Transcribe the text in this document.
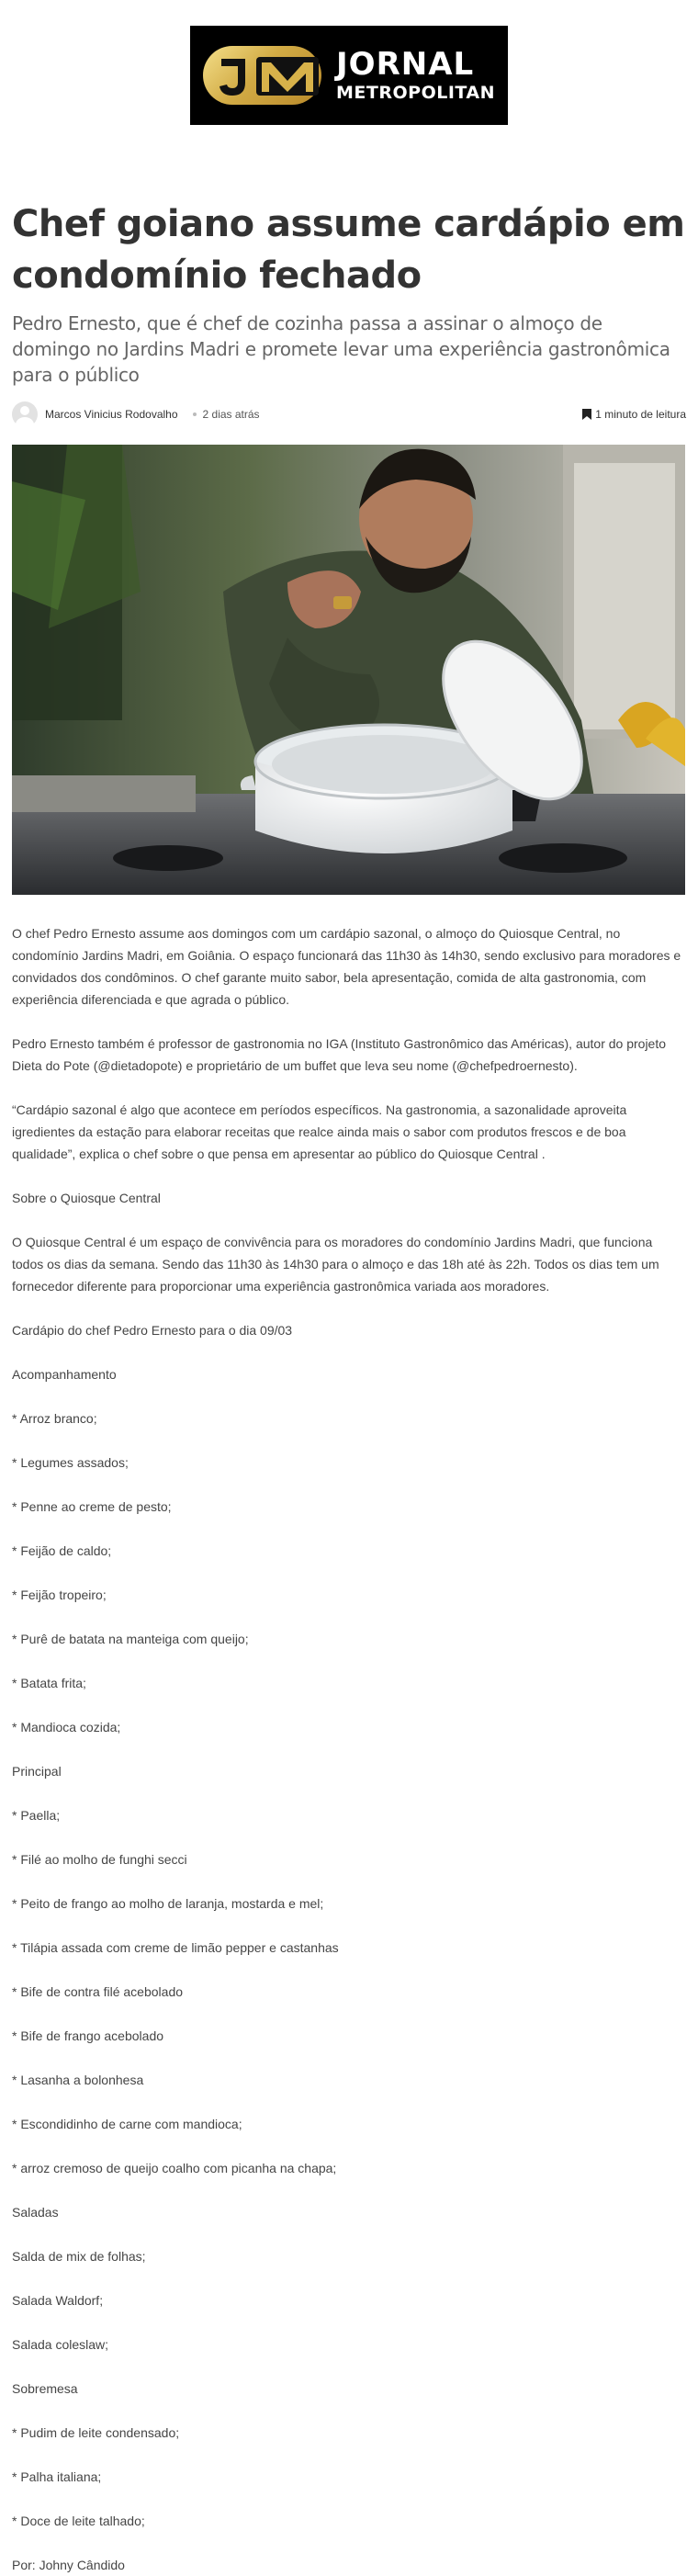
JORNAL
METROPOLITAN
Chef goiano assume cardápio em condomínio fechado
Pedro Ernesto, que é chef de cozinha passa a assinar o almoço de domingo no Jardins Madri e promete levar uma experiência gastronômica para o público
Marcos Vinicius Rodovalho 2 dias atrás	1 minuto de leitura

O chef Pedro Ernesto assume aos domingos com um cardápio sazonal, o almoço do Quiosque Central, no condomínio Jardins Madri, em Goiânia. O espaço funcionará das 11h30 às 14h30, sendo exclusivo para moradores e convidados dos condôminos. O chef garante muito sabor, bela apresentação, comida de alta gastronomia, com experiência diferenciada e que agrada o público.

Pedro Ernesto também é professor de gastronomia no IGA (Instituto Gastronômico das Américas), autor do projeto Dieta do Pote (@dietadopote) e proprietário de um buffet que leva seu nome (@chefpedroernesto).

“Cardápio sazonal é algo que acontece em períodos específicos. Na gastronomia, a sazonalidade aproveita igredientes da estação para elaborar receitas que realce ainda mais o sabor com produtos frescos e de boa qualidade”, explica o chef sobre o que pensa em apresentar ao público do Quiosque Central .

Sobre o Quiosque Central

O Quiosque Central é um espaço de convivência para os moradores do condomínio Jardins Madri, que funciona todos os dias da semana. Sendo das 11h30 às 14h30 para o almoço e das 18h até às 22h. Todos os dias tem um fornecedor diferente para proporcionar uma experiência gastronômica variada aos moradores.

Cardápio do chef Pedro Ernesto para o dia 09/03

Acompanhamento

* Arroz branco;

* Legumes assados;

* Penne ao creme de pesto;

* Feijão de caldo;

* Feijão tropeiro;

* Purê de batata na manteiga com queijo;

* Batata frita;

* Mandioca cozida;

Principal

* Paella;

* Filé ao molho de funghi secci

* Peito de frango ao molho de laranja, mostarda e mel;

* Tilápia assada com creme de limão pepper e castanhas

* Bife de contra filé acebolado

* Bife de frango acebolado

* Lasanha a bolonhesa

* Escondidinho de carne com mandioca;

* arroz cremoso de queijo coalho com picanha na chapa;

Saladas

Salda de mix de folhas;

Salada Waldorf;

Salada coleslaw;

Sobremesa

* Pudim de leite condensado;

* Palha italiana;

* Doce de leite talhado;

Por: Johny Cândido
